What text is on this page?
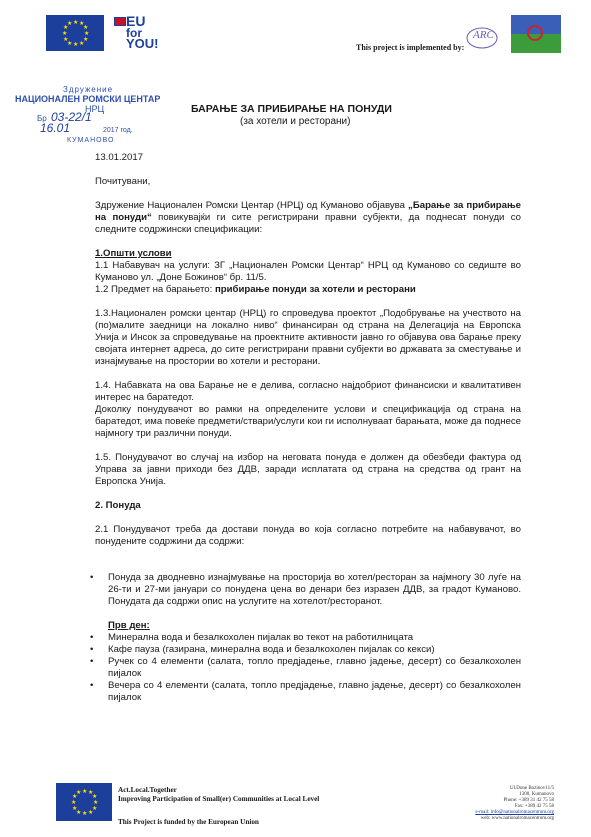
★ ★
★
★
★
★
★
★
★
★
★
★	EU
for
YOU!	This project is implemented by:
ARC
Здружение
НАЦИОНАЛЕН РОМСКИ ЦЕНТАР
НРЦ
Бр 03-22/1
16.01	2017 год.
КУМАНОВО
БАРАЊЕ ЗА ПРИБИРАЊЕ НА ПОНУДИ
(за хотели и ресторани)

13.01.2017

Почитувани,

Здружение Национален Ромски Центар (НРЦ) од Куманово објавува „Барање за прибирање на понуди“ повикувајќи ги сите регистрирани правни субјекти, да поднесат понуди со следните содржински спецификации:

1.Општи услови

1.1 Набавувач на услуги: ЗГ „Национален Ромски Центар“ НРЦ од Куманово со седиште во Куманово ул. „Доне Божинов“ бр. 11/5.

1.2 Предмет на барањето: прибирање понуди за хотели и ресторани

1.3.Национален ромски центар (НРЦ) го спроведува проектот „Подобрување на учеството на (по)малите заедници на локално ниво“ финансиран од страна на Делегација на Европска Унија и Инсок за спроведување на проектните активности јавно го објавува ова барање преку својата интернет адреса, до сите регистрирани правни субјекти во државата за сместување и изнајмување на простории во хотели и ресторани.

1.4. Набавката на ова Барање не е делива, согласно најдобриот финансиски и квалитативен интерес на баратедот.

Доколку понудувачот во рамки на определените услови и спецификација од страна на баратедот, има повеќе предмети/ствари/услуги кои ги исполнуваат барањата, може да поднесе најмногу три различни понуди.

1.5. Понудувачот во случај на избор на неговата понуда е должен да обезбеди фактура од Управа за јавни приходи без ДДВ, заради исплатата од страна на средства од грант на Европска Унија.

2. Понуда

2.1 Понудувачот треба да достави понуда во која согласно потребите на набавувачот, во понудените содржини да содржи:

• Понуда за дводневно изнајмување на просторија во хотел/ресторан за најмногу 30 луѓе на 26-ти и 27-ми јануари со понудена цена во денари без изразен ДДВ, за градот Куманово. Понудата да содржи опис на услугите на хотелот/ресторанот.

Прв ден:

• Минерална вода и безалкохолен пијалак во текот на работилницата
• Кафе пауза (газирана, минерална вода и безалкохолен пијалак со кекси)
• Ручек со 4 елементи (салата, топло предјадење, главно јадење, десерт) со безалкохолен пијалок
• Вечера со 4 елементи (салата, топло предјадење, главно јадење, десерт) со безалкохолен пијалок
★ ★
★
★
★
★
★
★
★
★
★
★	Act.Local.Together
Improving Participation of Small(er) Communities at Local Level
This Project is funded by the European Union
Ul.Done Bozinov11/5
1300, Kumanovo
Phone: +389 31 42 75 58
Fax: +389 42 75 58
e-mail: info@nationalromacentrum.org
web: www.nationalromacentrum.org
